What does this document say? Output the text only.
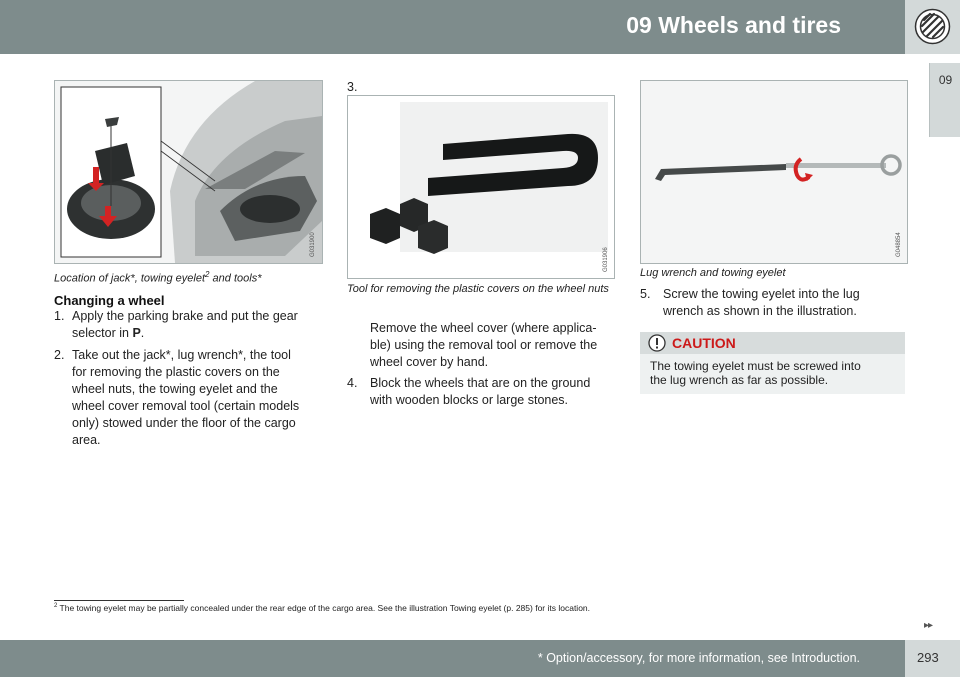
09 Wheels and tires
09
G031900
Location of jack*, towing eyelet$^2$ and tools*
Changing a wheel
1. Apply the parking brake and put the gear
selector in P.
2. Take out the jack*, lug wrench*, the tool
for removing the plastic covers on the
wheel nuts, the towing eyelet and the
wheel cover removal tool (certain models
only) stowed under the floor of the cargo
area.
3.
G031906
Tool for removing the plastic covers on the wheel nuts
Remove the wheel cover (where applica-
ble) using the removal tool or remove the
wheel cover by hand.
4. Block the wheels that are on the ground
with wooden blocks or large stones.
G048854
Lug wrench and towing eyelet
5. Screw the towing eyelet into the lug
wrench as shown in the illustration.
CAUTION
The towing eyelet must be screwed into
the lug wrench as far as possible.
$^2$ The towing eyelet may be partially concealed under the rear edge of the cargo area. See the illustration Towing eyelet (p. 285) for its location.
▸▸
* Option/accessory, for more information, see Introduction.	293
